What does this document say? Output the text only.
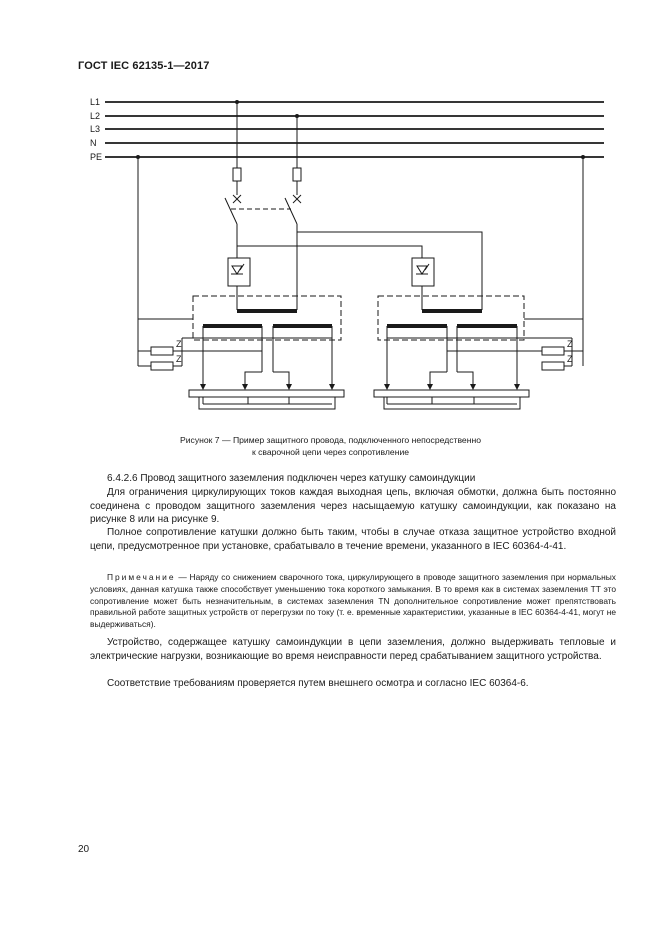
ГОСТ IEC 62135-1—2017
L1
L2
L3
N
PE
Z
Z
Z
Z
Рисунок 7 — Пример защитного провода, подключенного непосредственно
к сварочной цепи через сопротивление
6.4.2.6 Провод защитного заземления подключен через катушку самоиндукции
Для ограничения циркулирующих токов каждая выходная цепь, включая обмотки, должна быть постоянно соединена с проводом защитного заземления через насыщаемую катушку самоиндукции, как показано на рисунке 8 или на рисунке 9.
Полное сопротивление катушки должно быть таким, чтобы в случае отказа защитное устройство входной цепи, предусмотренное при установке, срабатывало в течение времени, указанного в IEC 60364-4-41.
Примечание — Наряду со снижением сварочного тока, циркулирующего в проводе защитного заземления при нормальных условиях, данная катушка также способствует уменьшению тока короткого замыкания. В то время как в системах заземления ТТ это сопротивление может быть незначительным, в системах заземления TN дополнительное сопротивление может препятствовать правильной работе защитных устройств от перегрузки по току (т. е. временные характеристики, указанные в IEC 60364-4-41, могут не выдерживаться).
Устройство, содержащее катушку самоиндукции в цепи заземления, должно выдерживать тепловые и электрические нагрузки, возникающие во время неисправности перед срабатыванием защитного устройства.
Соответствие требованиям проверяется путем внешнего осмотра и согласно IEC 60364-6.
20
